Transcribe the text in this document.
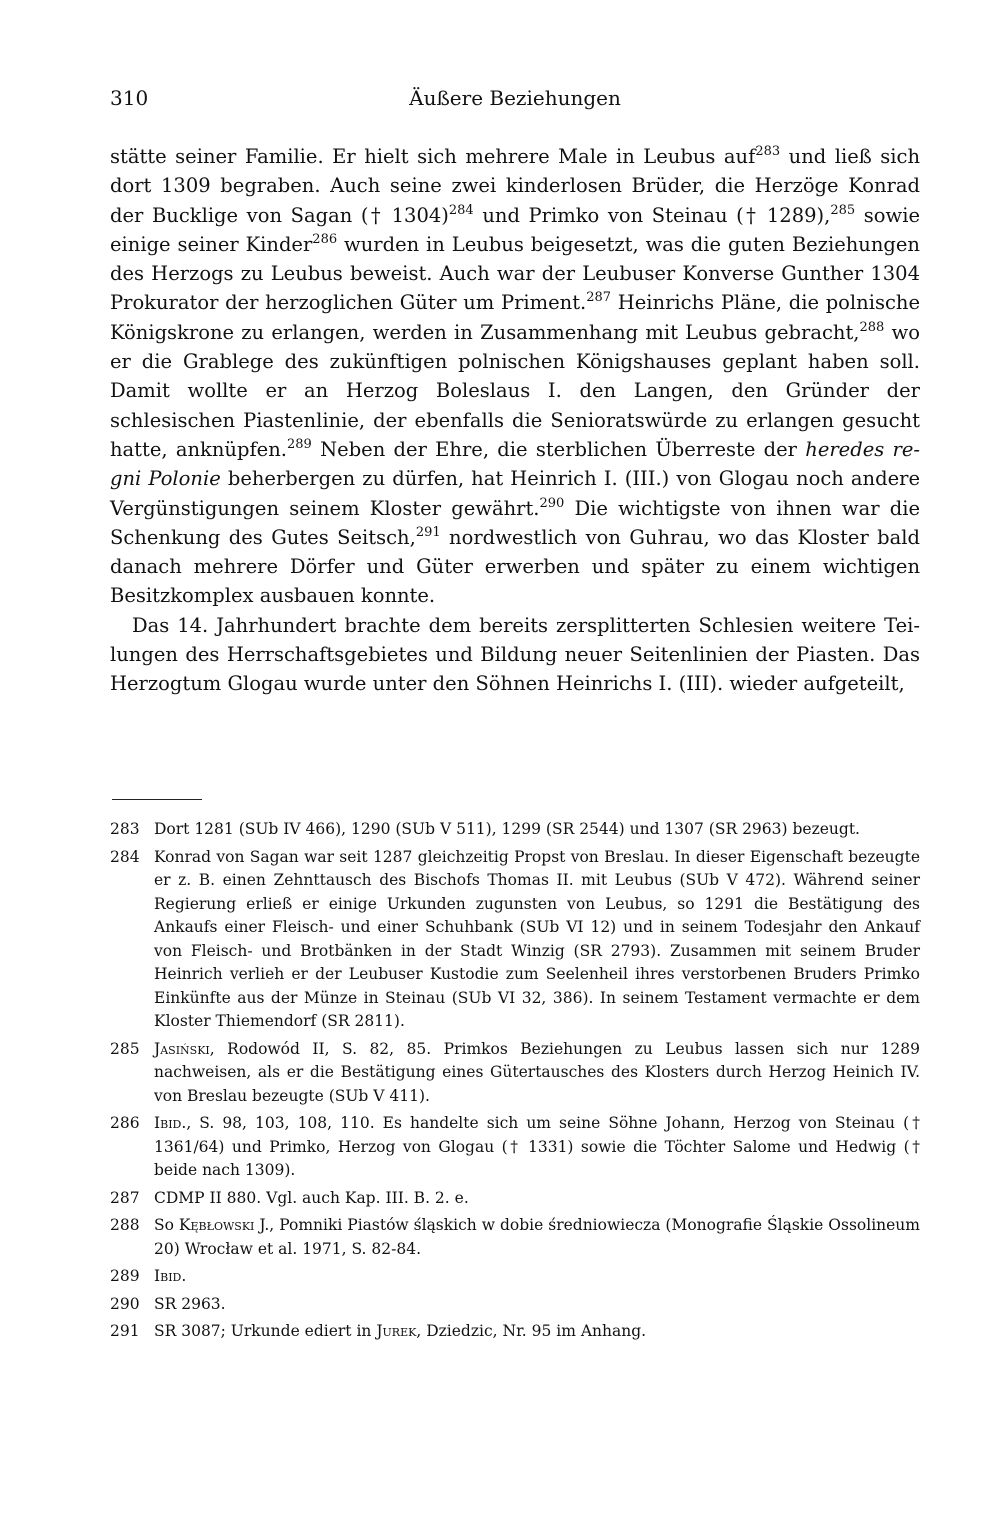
310	Äußere Beziehungen

stätte seiner Familie. Er hielt sich mehrere Male in Leubus auf$^{283}$ und ließ sich dort 1309 begraben. Auch seine zwei kinderlosen Brüder, die Herzöge Konrad der Bucklige von Sagan († 1304)$^{284}$ und Primko von Steinau († 1289),$^{285}$ sowie einige seiner Kinder$^{286}$ wurden in Leubus beigesetzt, was die guten Beziehungen des Herzogs zu Leubus beweist. Auch war der Leubuser Konverse Gunther 1304 Prokurator der herzoglichen Güter um Priment.$^{287}$ Heinrichs Pläne, die polnische Königskrone zu erlangen, werden in Zusammenhang mit Leubus gebracht,$^{288}$ wo er die Grablege des zukünftigen polnischen Königshauses geplant haben soll. Damit wollte er an Herzog Boleslaus I. den Langen, den Gründer der schlesischen Piastenlinie, der ebenfalls die Senioratswürde zu erlangen gesucht hatte, anknüpfen.$^{289}$ Neben der Ehre, die sterblichen Überreste der heredes regni Polonie beherbergen zu dürfen, hat Heinrich I. (III.) von Glogau noch andere Vergünstigungen seinem Kloster gewährt.$^{290}$ Die wichtigste von ihnen war die Schenkung des Gutes Seitsch,$^{291}$ nordwestlich von Guhrau, wo das Kloster bald danach mehrere Dörfer und Güter erwerben und später zu einem wichtigen Besitzkomplex ausbauen konnte.

Das 14. Jahrhundert brachte dem bereits zersplitterten Schlesien weitere Teilungen des Herrschaftsgebietes und Bildung neuer Seitenlinien der Piasten. Das Herzogtum Glogau wurde unter den Söhnen Heinrichs I. (III). wieder aufgeteilt,

283 Dort 1281 (SUb IV 466), 1290 (SUb V 511), 1299 (SR 2544) und 1307 (SR 2963) bezeugt.
284 Konrad von Sagan war seit 1287 gleichzeitig Propst von Breslau. In dieser Eigenschaft bezeugte er z. B. einen Zehnttausch des Bischofs Thomas II. mit Leubus (SUb V 472). Während seiner Regierung erließ er einige Urkunden zugunsten von Leubus, so 1291 die Bestätigung des Ankaufs einer Fleisch- und einer Schuhbank (SUb VI 12) und in seinem Todesjahr den Ankauf von Fleisch- und Brotbänken in der Stadt Winzig (SR 2793). Zusammen mit seinem Bruder Heinrich verlieh er der Leubuser Kustodie zum Seelenheil ihres verstorbenen Bruders Primko Einkünfte aus der Münze in Steinau (SUb VI 32, 386). In seinem Testament vermachte er dem Kloster Thiemendorf (SR 2811).
285 Jasiński, Rodowód II, S. 82, 85. Primkos Beziehungen zu Leubus lassen sich nur 1289 nachweisen, als er die Bestätigung eines Gütertausches des Klosters durch Herzog Heinich IV. von Breslau bezeugte (SUb V 411).
286 Ibid., S. 98, 103, 108, 110. Es handelte sich um seine Söhne Johann, Herzog von Steinau († 1361/64) und Primko, Herzog von Glogau († 1331) sowie die Töchter Salome und Hedwig († beide nach 1309).
287 CDMP II 880. Vgl. auch Kap. III. B. 2. e.
288 So Kębłowski J., Pomniki Piastów śląskich w dobie średniowiecza (Monografie Śląskie Ossolineum 20) Wrocław et al. 1971, S. 82-84.
289 Ibid.
290 SR 2963.
291 SR 3087; Urkunde ediert in Jurek, Dziedzic, Nr. 95 im Anhang.
